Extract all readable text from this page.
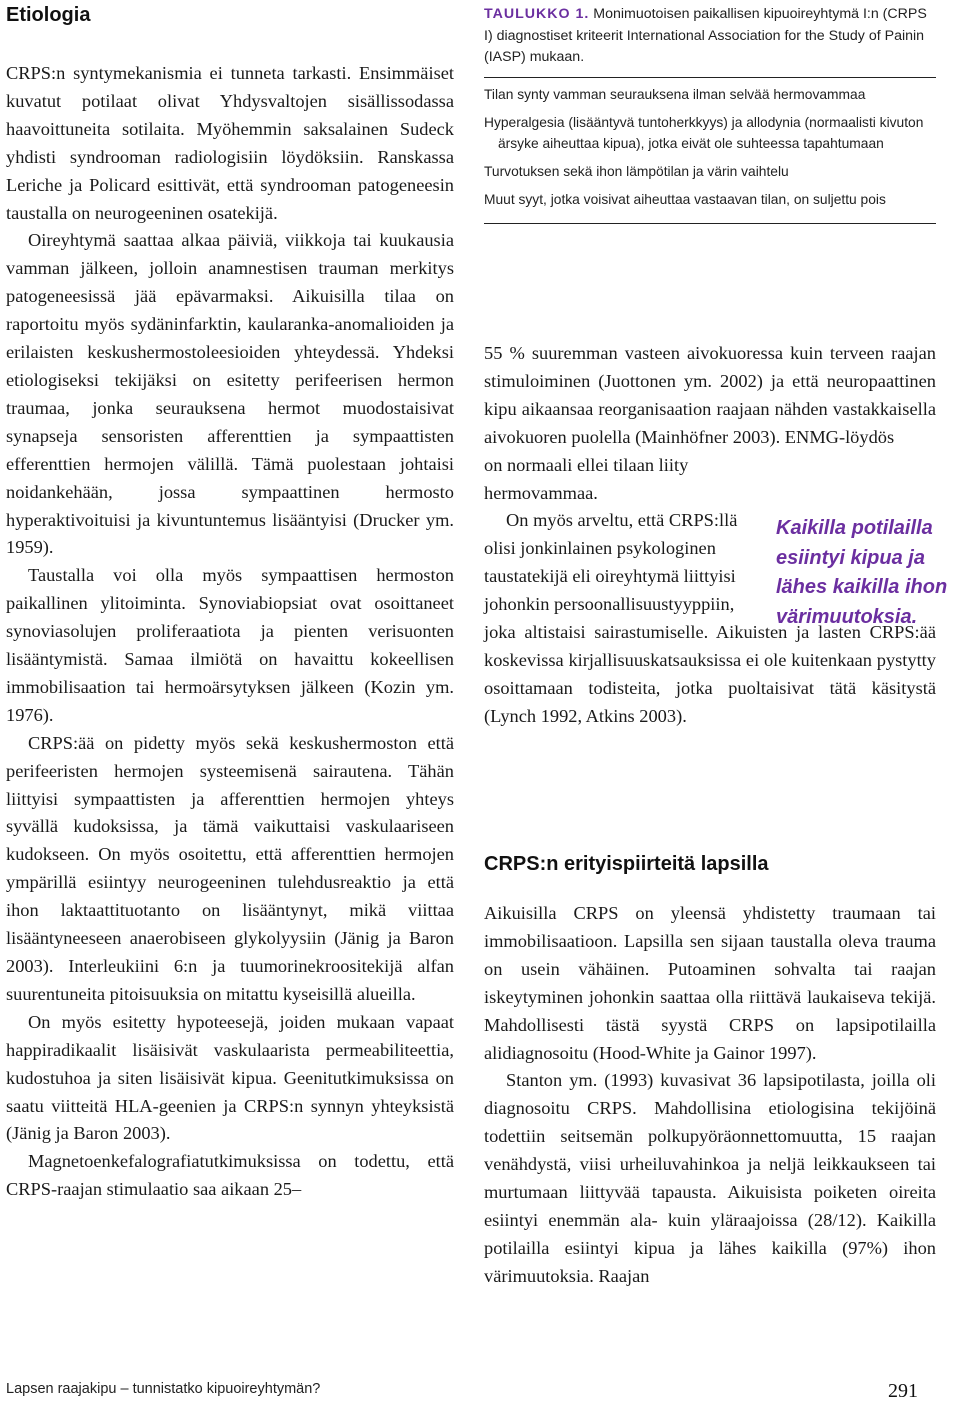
Etiologia

CRPS:n syntymekanismia ei tunneta tarkasti. Ensimmäiset kuvatut potilaat olivat Yhdysvaltojen sisällissodassa haavoittuneita sotilaita. Myöhemmin saksalainen Sudeck yhdisti syndrooman radiologisiin löydöksiin. Ranskassa Leriche ja Policard esittivät, että syndrooman patogeneesin taustalla on neurogeeninen osatekijä.

Oireyhtymä saattaa alkaa päiviä, viikkoja tai kuukausia vamman jälkeen, jolloin anamnestisen trauman merkitys patogeneesissä jää epävarmaksi. Aikuisilla tilaa on raportoitu myös sydäninfarktin, kaularanka-anomalioiden ja erilaisten keskushermostoleesioiden yhteydessä. Yhdeksi etiologiseksi tekijäksi on esitetty perifeerisen hermon traumaa, jonka seurauksena hermot muodostaisivat synapseja sensoristen afferenttien ja sympaattisten efferenttien hermojen välillä. Tämä puolestaan johtaisi noidankehään, jossa sympaattinen hermosto hyperaktivoituisi ja kivuntuntemus lisääntyisi (Drucker ym. 1959).

Taustalla voi olla myös sympaattisen hermoston paikallinen ylitoiminta. Synoviabiopsiat ovat osoittaneet synoviasolujen proliferaatiota ja pienten verisuonten lisääntymistä. Samaa ilmiötä on havaittu kokeellisen immobilisaation tai hermoärsytyksen jälkeen (Kozin ym. 1976).

CRPS:ää on pidetty myös sekä keskushermoston että perifeeristen hermojen systeemisenä sairautena. Tähän liittyisi sympaattisten ja afferenttien hermojen yhteys syvällä kudoksissa, ja tämä vaikuttaisi vaskulaariseen kudokseen. On myös osoitettu, että afferenttien hermojen ympärillä esiintyy neurogeeninen tulehdusreaktio ja että ihon laktaattituotanto on lisääntynyt, mikä viittaa lisääntyneeseen anaerobiseen glykolyysiin (Jänig ja Baron 2003). Interleukiini 6:n ja tuumorinekroositekijä alfan suurentuneita pitoisuuksia on mitattu kyseisillä alueilla.

On myös esitetty hypoteesejä, joiden mukaan vapaat happiradikaalit lisäisivät vaskulaarista permeabiliteettia, kudostuhoa ja siten lisäisivät kipua. Geenitutkimuksissa on saatu viitteitä HLA-geenien ja CRPS:n synnyn yhteyksistä (Jänig ja Baron 2003).

Magnetoenkefalografiatutkimuksissa on todettu, että CRPS-raajan stimulaatio saa aikaan 25–

TAULUKKO 1. Monimuotoisen paikallisen kipuoireyhtymä I:n (CRPS I) diagnostiset kriteerit International Association for the Study of Painin (IASP) mukaan.

Tilan synty vamman seurauksena ilman selvää hermovammaa

Hyperalgesia (lisääntyvä tuntoherkkyys) ja allodynia (normaalisti kivuton ärsyke aiheuttaa kipua), jotka eivät ole suhteessa tapahtumaan

Turvotuksen sekä ihon lämpötilan ja värin vaihtelu

Muut syyt, jotka voisivat aiheuttaa vastaavan tilan, on suljettu pois

55 % suuremman vasteen aivokuoressa kuin terveen raajan stimuloiminen (Juottonen ym. 2002) ja että neuropaattinen kipu aikaansaa reorganisaation raajaan nähden vastakkaisella aivokuoren puolella (Mainhöfner 2003). ENMG-löydös

on normaali ellei tilaan liity hermovammaa.

On myös arveltu, että CRPS:llä olisi jonkinlainen psykologinen taustatekijä eli oireyhtymä liittyisi johonkin persoonallisuustyyppiin,

joka altistaisi sairastumiselle. Aikuisten ja lasten CRPS:ää koskevissa kirjallisuuskatsauksissa ei ole kuitenkaan pystytty osoittamaan todisteita, jotka puoltaisivat tätä käsitystä (Lynch 1992, Atkins 2003).

Kaikilla potilailla esiintyi kipua ja lähes kaikilla ihon värimuutoksia.
CRPS:n erityispiirteitä lapsilla

Aikuisilla CRPS on yleensä yhdistetty traumaan tai immobilisaatioon. Lapsilla sen sijaan taustalla oleva trauma on usein vähäinen. Putoaminen sohvalta tai raajan iskeytyminen johonkin saattaa olla riittävä laukaiseva tekijä. Mahdollisesti tästä syystä CRPS on lapsipotilailla alidiagnosoitu (Hood-White ja Gainor 1997).

Stanton ym. (1993) kuvasivat 36 lapsipotilasta, joilla oli diagnosoitu CRPS. Mahdollisina etiologisina tekijöinä todettiin seitsemän polkupyöräonnettomuutta, 15 raajan venähdystä, viisi urheiluvahinkoa ja neljä leikkaukseen tai murtumaan liittyvää tapausta. Aikuisista poiketen oireita esiintyi enemmän ala- kuin yläraajoissa (28/12). Kaikilla potilailla esiintyi kipua ja lähes kaikilla (97%) ihon värimuutoksia. Raajan

Lapsen raajakipu – tunnistatko kipuoireyhtymän?	291
